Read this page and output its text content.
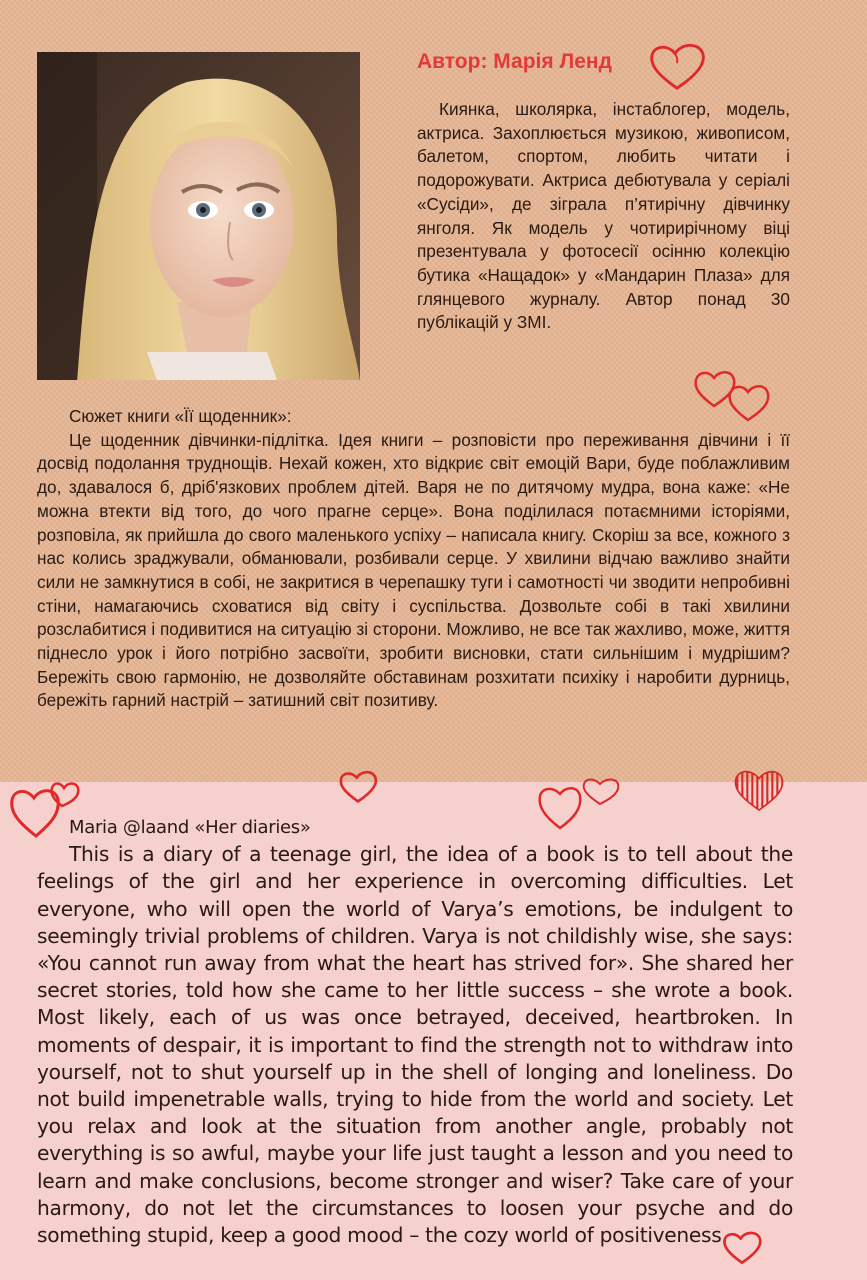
Автор: Марія Ленд

Киянка, школярка, інстаблогер, модель, актриса. Захоплюється музикою, живописом, балетом, спортом, любить читати і подорожувати. Актриса дебютувала у серіалі «Сусіди», де зіграла п’ятирічну дівчинку янголя. Як модель у чотирирічному віці презентувала у фотосесії осінню колекцію бутика «Нащадок» у «Мандарин Плаза» для глянцевого журналу. Автор понад 30 публікацій у ЗМІ.

Сюжет книги «Її щоденник»:
Це щоденник дівчинки-підлітка. Ідея книги – розповісти про переживання дівчини і її досвід подолання труднощів. Нехай кожен, хто відкриє світ емоцій Вари, буде поблажливим до, здавалося б, дріб'язкових проблем дітей. Варя не по дитячому мудра, вона каже: «Не можна втекти від того, до чого прагне серце». Вона поділилася потаємними історіями, розповіла, як прийшла до свого маленького успіху – написала книгу. Скоріш за все, кожного з нас колись зраджували, обманювали, розбивали серце. У хвилини відчаю важливо знайти сили не замкнутися в собі, не закритися в черепашку туги і самотності чи зводити непробивні стіни, намагаючись сховатися від світу і суспільства. Дозвольте собі в такі хвилини розслабитися і подивитися на ситуацію зі сторони. Можливо, не все так жахливо, може, життя піднесло урок і його потрібно засвоїти, зробити висновки, стати сильнішим і мудрішим? Бережіть свою гармонію, не дозволяйте обставинам розхитати психіку і наробити дурниць, бережіть гарний настрій – затишний світ позитиву.
Maria @laand «Her diaries»
This is a diary of a teenage girl, the idea of a book is to tell about the feelings of the girl and her experience in overcoming difficulties. Let everyone, who will open the world of Varya’s emotions, be indulgent to seemingly trivial problems of children. Varya is not childishly wise, she says: «You cannot run away from what the heart has strived for». She shared her secret stories, told how she came to her little success – she wrote a book. Most likely, each of us was once betrayed, deceived, heartbroken. In moments of despair, it is important to find the strength not to withdraw into yourself, not to shut yourself up in the shell of longing and loneliness. Do not build impenetrable walls, trying to hide from the world and society. Let you relax and look at the situation from another angle, probably not everything is so awful, maybe your life just taught a lesson and you need to learn and make conclusions, become stronger and wiser? Take care of your harmony, do not let the circumstances to loosen your psyche and do something stupid, keep a good mood – the cozy world of positiveness.
